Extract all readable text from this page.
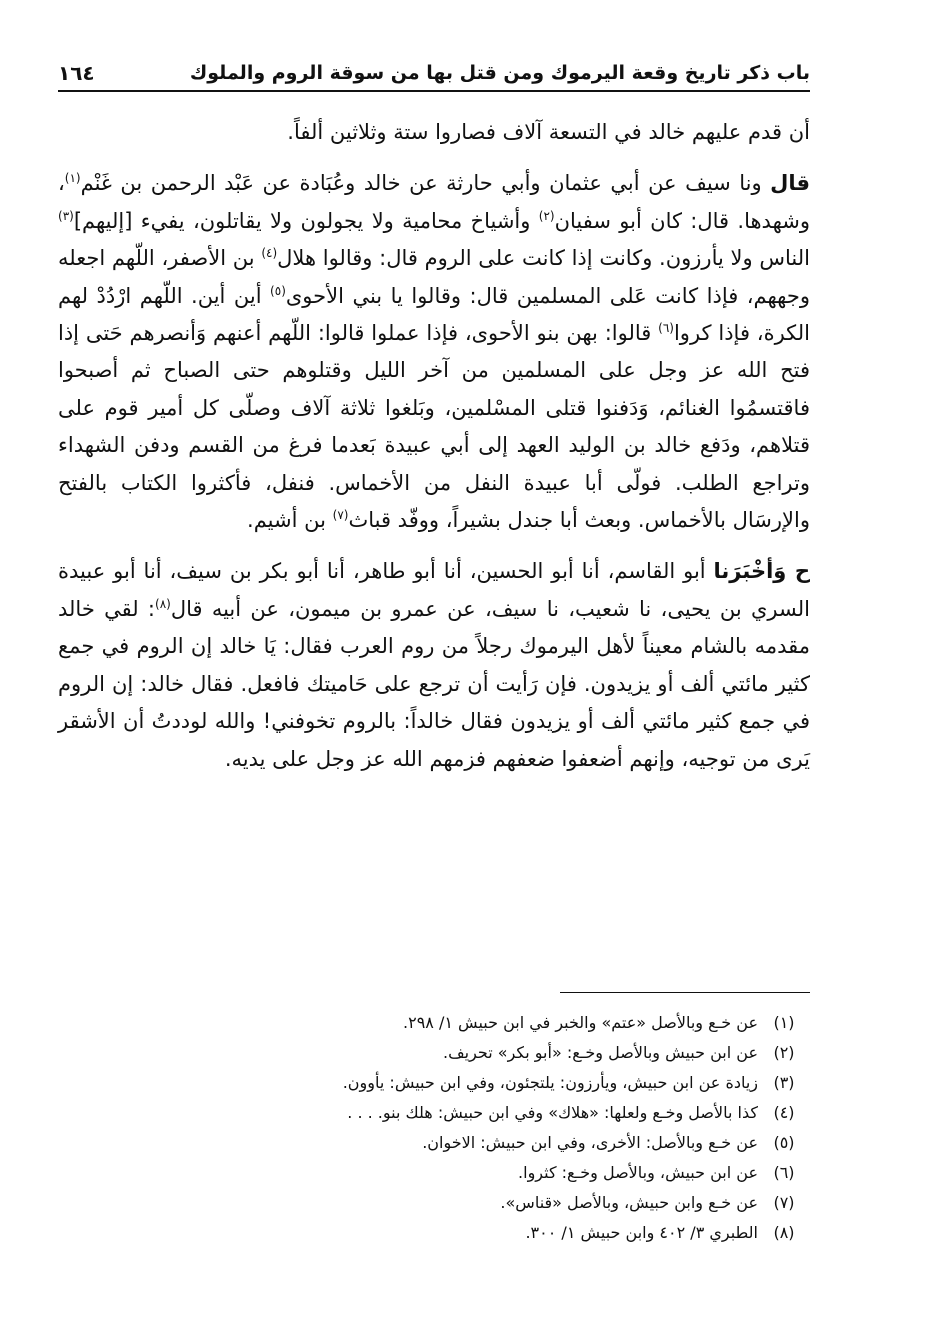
باب ذكر تاريخ وقعة اليرموك ومن قتل بها من سوقة الروم والملوك
١٦٤

أن قدم عليهم خالد في التسعة آلاف فصاروا ستة وثلاثين ألفاً.

قال ونا سيف عن أبي عثمان وأبي حارثة عن خالد وعُبَادة عن عَبْد الرحمن بن غَنْم$^{(١)}$، وشهدها. قال: كان أبو سفيان$^{(٢)}$ وأشياخ محامية ولا يجولون ولا يقاتلون، يفيء [إليهم]$^{(٣)}$ الناس ولا يأرزون. وكانت إذا كانت على الروم قال: وقالوا هلال$^{(٤)}$ بن الأصفر، اللّهم اجعله وجههم، فإذا كانت عَلى المسلمين قال: وقالوا يا بني الأحوى$^{(٥)}$ أين أين. اللّهم ارْدُدْ لهم الكرة، فإذا كروا$^{(٦)}$ قالوا: بهن بنو الأحوى، فإذا عملوا قالوا: اللّهم أعنهم وَأنصرهم حَتى إذا فتح الله عز وجل على المسلمين من آخر الليل وقتلوهم حتى الصباح ثم أصبحوا فاقتسمُوا الغنائم، وَدَفنوا قتلى المسْلمين، وبَلغوا ثلاثة آلاف وصلّى كل أمير قوم على قتلاهم، ودَفع خالد بن الوليد العهد إلى أبي عبيدة بَعدما فرغ من القسم ودفن الشهداء وتراجع الطلب. فولّى أبا عبيدة النفل من الأخماس. فنفل، فأكثروا الكتاب بالفتح والإرسَال بالأخماس. وبعث أبا جندل بشيراً، ووفّد قباث$^{(٧)}$ بن أشيم.

ح وَأخْبَرَنا أبو القاسم، أنا أبو الحسين، أنا أبو طاهر، أنا أبو بكر بن سيف، أنا أبو عبيدة السري بن يحيى، نا شعيب، نا سيف، عن عمرو بن ميمون، عن أبيه قال$^{(٨)}$: لقي خالد مقدمه بالشام معيناً لأهل اليرموك رجلاً من روم العرب فقال: يَا خالد إن الروم في جمع كثير مائتي ألف أو يزيدون. فإن رَأيت أن ترجع على حَاميتك فافعل. فقال خالد: إن الروم في جمع كثير مائتي ألف أو يزيدون فقال خالداً: بالروم تخوفني! والله لوددتُ أن الأشقر يَرى من توجيه، وإنهم أضعفوا ضعفهم فزمهم الله عز وجل على يديه.

(١)
عن خـع وبالأصل «عتم» والخبر في ابن حبيش ١/ ٢٩٨.
(٢)
عن ابن حبيش وبالأصل وخـع: «أبو بكر» تحريف.
(٣)
زيادة عن ابن حبيش، ويأرزون: يلتجئون، وفي ابن حبيش: يأوون.
(٤)
كذا بالأصل وخـع ولعلها: «هلاك» وفي ابن حبيش: هلك بنو. . . .
(٥)
عن خـع وبالأصل: الأخرى، وفي ابن حبيش: الاخوان.
(٦)
عن ابن حبيش، وبالأصل وخـع: كثروا.
(٧)
عن خـع وابن حبيش، وبالأصل «قناس».
(٨)
الطبري ٣/ ٤٠٢ وابن حبيش ١/ ٣٠٠.
